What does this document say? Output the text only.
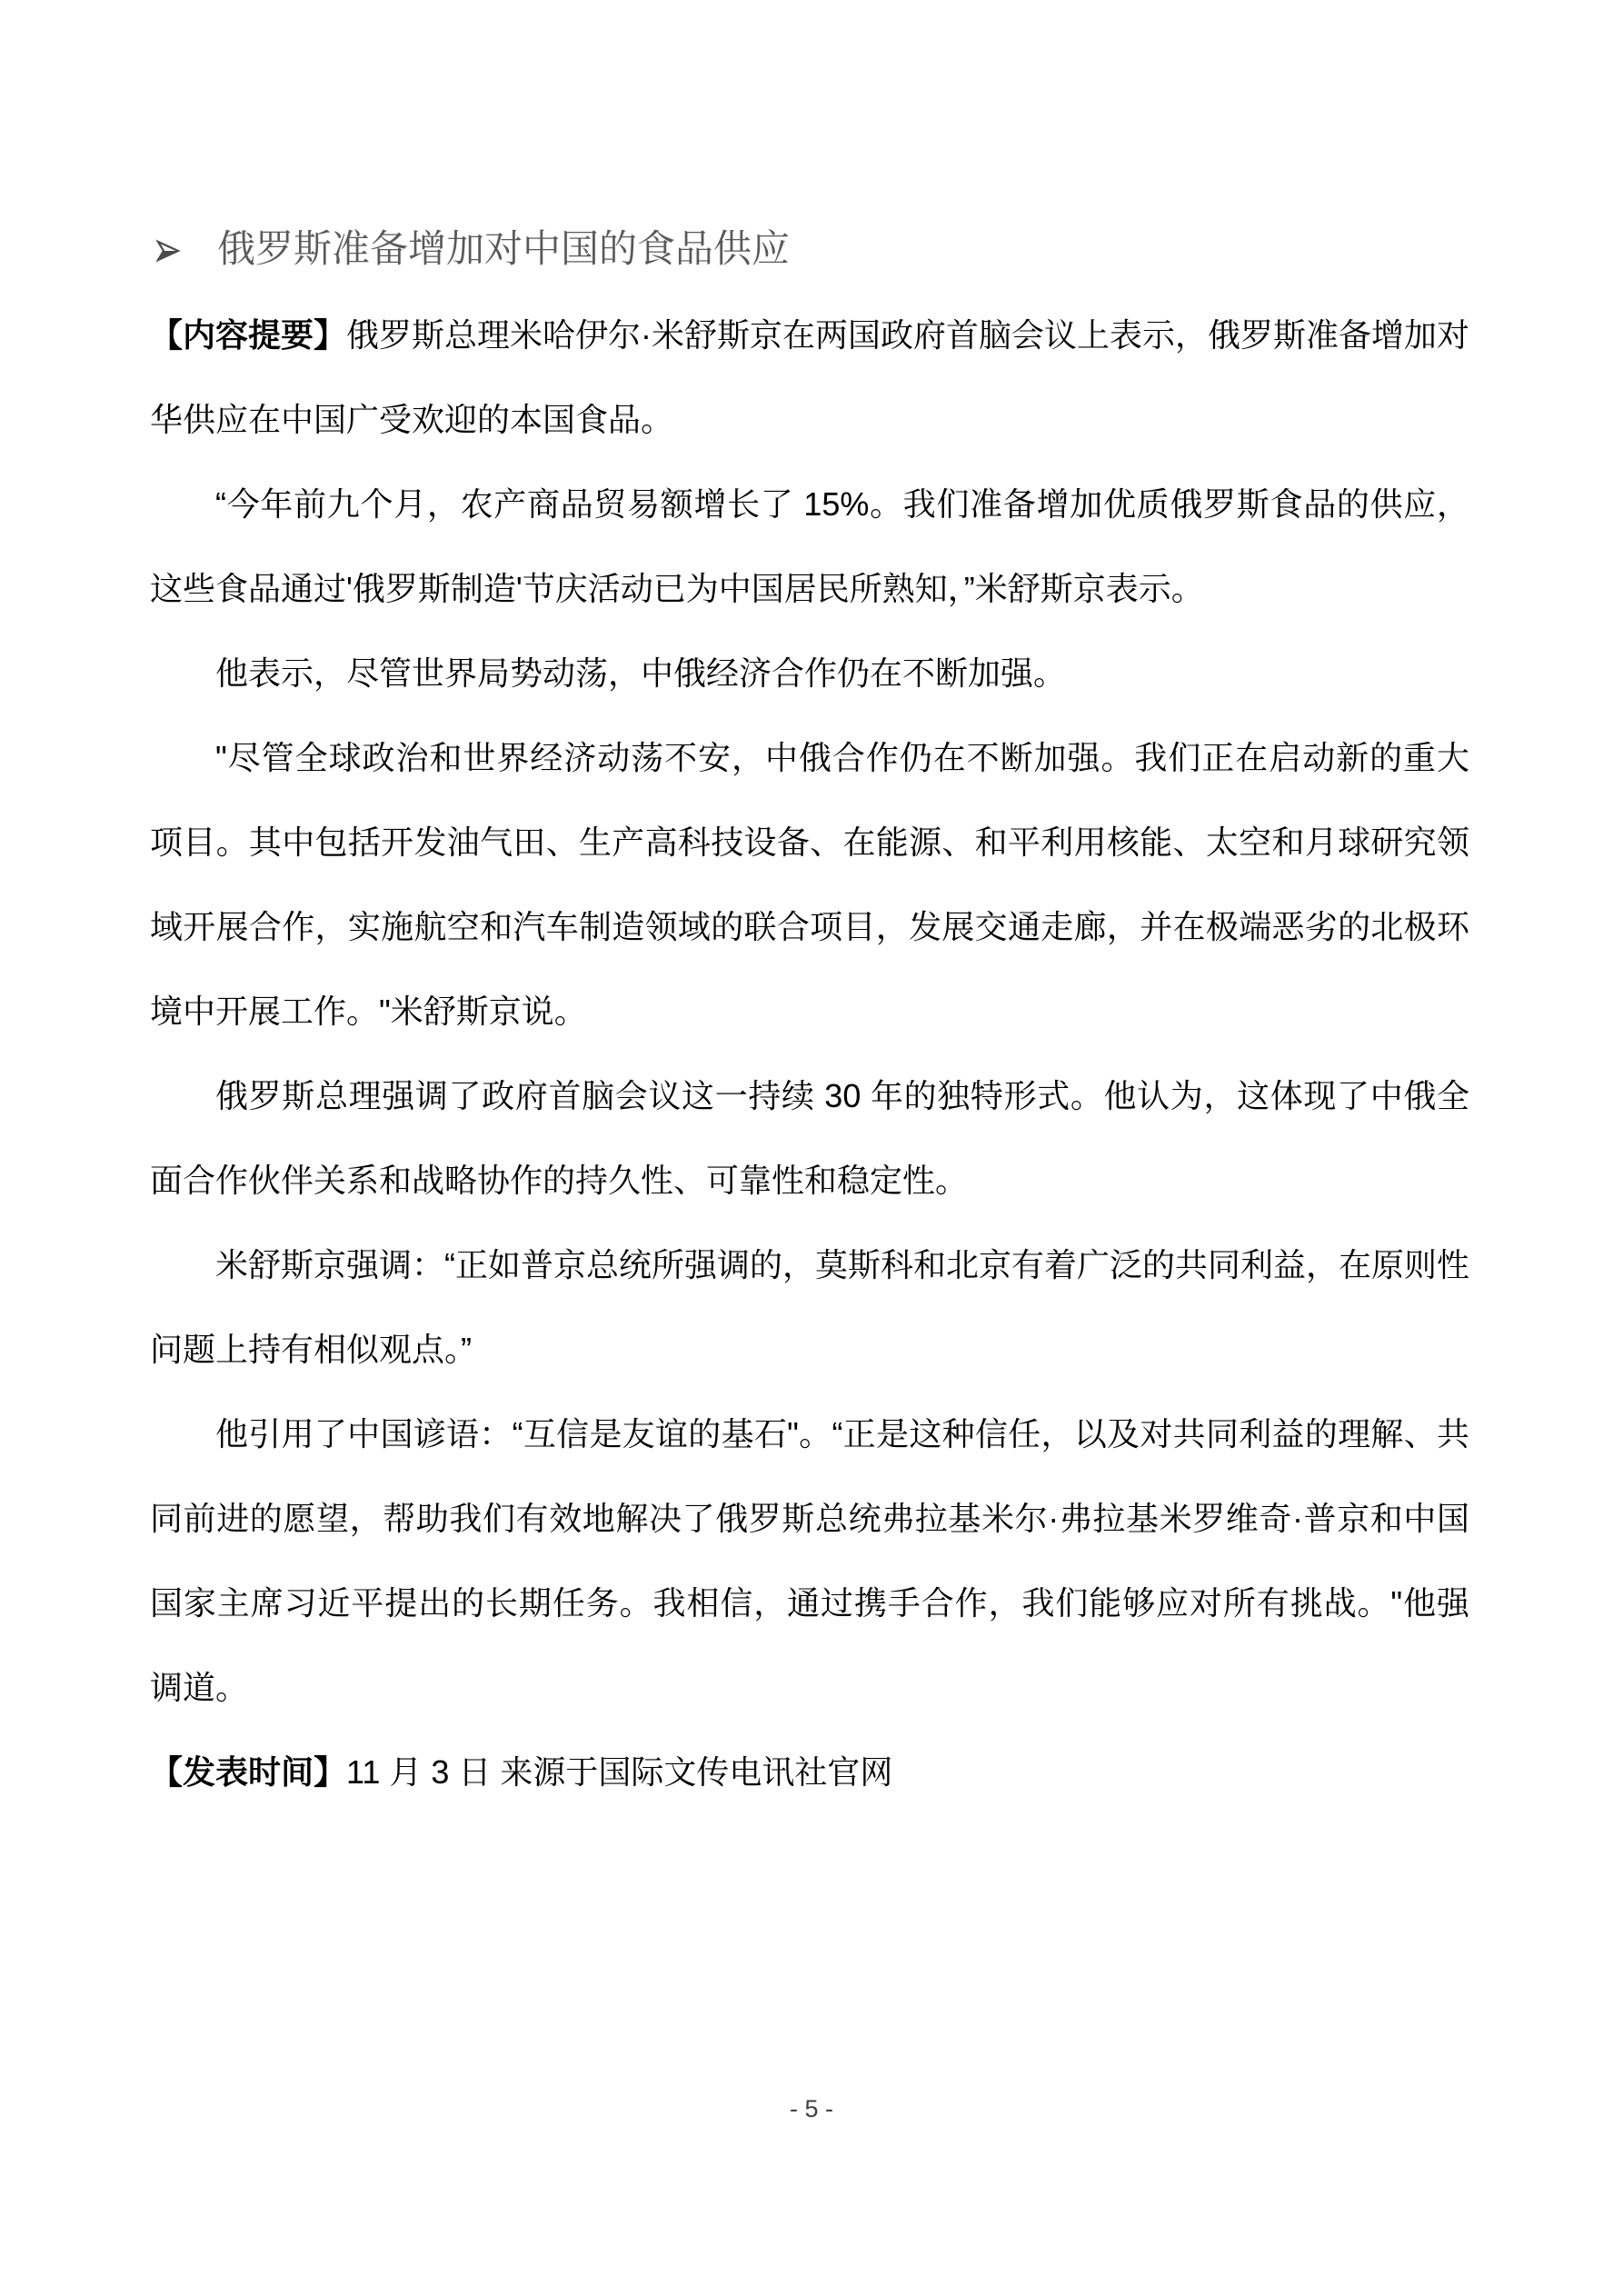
俄罗斯准备增加对中国的食品供应

【内容提要】俄罗斯总理米哈伊尔·米舒斯京在两国政府首脑会议上表示，俄罗斯准备增加对华供应在中国广受欢迎的本国食品。

“今年前九个月，农产商品贸易额增长了 15%。我们准备增加优质俄罗斯食品的供应，这些食品通过'俄罗斯制造'节庆活动已为中国居民所熟知，”米舒斯京表示。

他表示，尽管世界局势动荡，中俄经济合作仍在不断加强。

"尽管全球政治和世界经济动荡不安，中俄合作仍在不断加强。我们正在启动新的重大项目。其中包括开发油气田、生产高科技设备、在能源、和平利用核能、太空和月球研究领域开展合作，实施航空和汽车制造领域的联合项目，发展交通走廊，并在极端恶劣的北极环境中开展工作。"米舒斯京说。

俄罗斯总理强调了政府首脑会议这一持续 30 年的独特形式。他认为，这体现了中俄全面合作伙伴关系和战略协作的持久性、可靠性和稳定性。

米舒斯京强调：“正如普京总统所强调的，莫斯科和北京有着广泛的共同利益，在原则性问题上持有相似观点。”

他引用了中国谚语：“互信是友谊的基石"。“正是这种信任，以及对共同利益的理解、共同前进的愿望，帮助我们有效地解决了俄罗斯总统弗拉基米尔·弗拉基米罗维奇·普京和中国国家主席习近平提出的长期任务。我相信，通过携手合作，我们能够应对所有挑战。"他强调道。

【发表时间】11 月 3 日 来源于国际文传电讯社官网

- 5 -
